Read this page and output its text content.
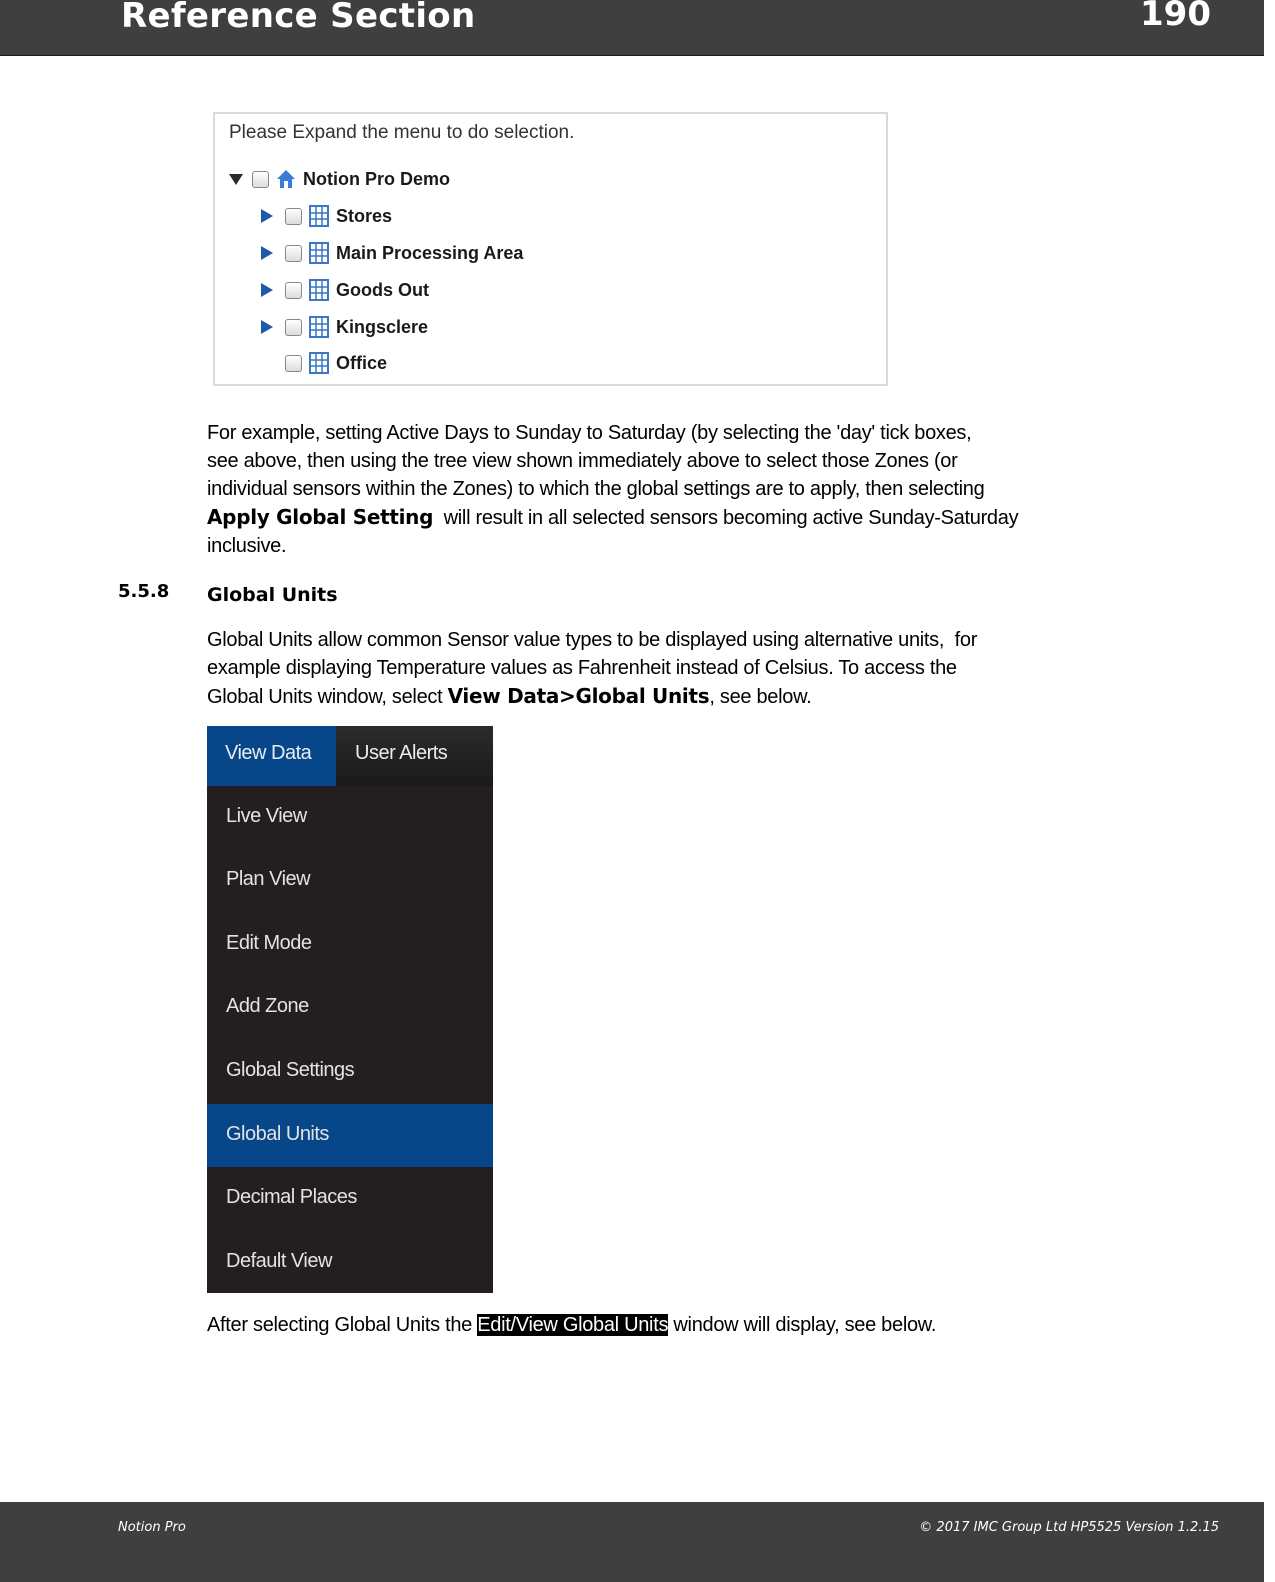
Reference Section	190
Please Expand the menu to do selection.
Notion Pro Demo
Stores
Main Processing Area
Goods Out
Kingsclere
Office
For example, setting Active Days to Sunday to Saturday (by selecting the 'day' tick boxes,
see above, then using the tree view shown immediately above to select those Zones (or
individual sensors within the Zones) to which the global settings are to apply, then selecting
Apply Global Setting  will result in all selected sensors becoming active Sunday-Saturday
inclusive.
5.5.8 Global Units
Global Units allow common Sensor value types to be displayed using alternative units,  for
example displaying Temperature values as Fahrenheit instead of Celsius. To access the
Global Units window, select View Data>Global Units, see below.
View Data User Alerts
Live View
Plan View
Edit Mode
Add Zone
Global Settings
Global Units
Decimal Places
Default View
After selecting Global Units the Edit/View Global Units window will display, see below.
Notion Pro	© 2017 IMC Group Ltd HP5525 Version 1.2.15
